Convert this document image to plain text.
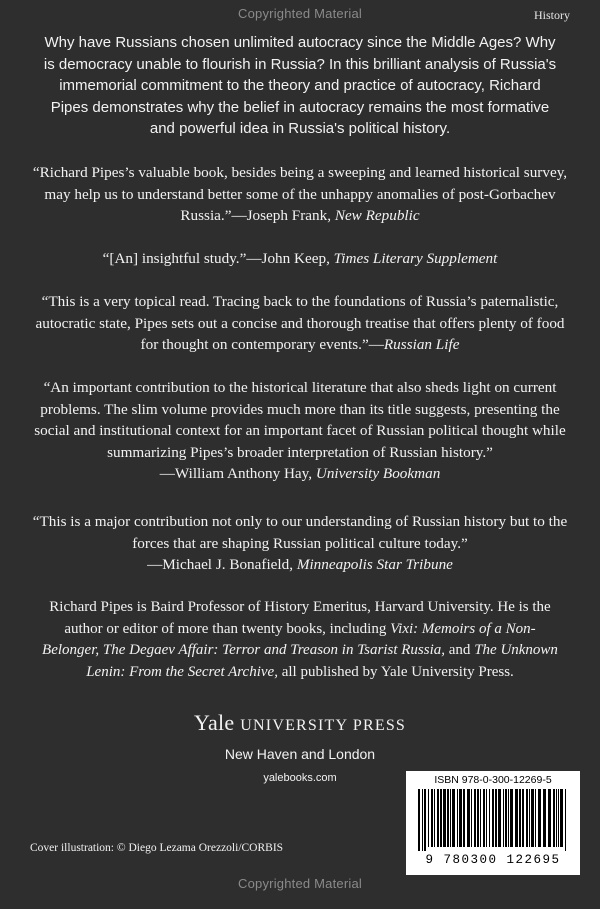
Copyrighted Material	History
Why have Russians chosen unlimited autocracy since the Middle Ages? Why is democracy unable to flourish in Russia? In this brilliant analysis of Russia's immemorial commitment to the theory and practice of autocracy, Richard Pipes demonstrates why the belief in autocracy remains the most formative and powerful idea in Russia's political history.
“Richard Pipes’s valuable book, besides being a sweeping and learned historical survey, may help us to understand better some of the unhappy anomalies of post-Gorbachev Russia.”—Joseph Frank, New Republic
“[An] insightful study.”—John Keep, Times Literary Supplement
“This is a very topical read. Tracing back to the foundations of Russia’s paternalistic, autocratic state, Pipes sets out a concise and thorough treatise that offers plenty of food for thought on contemporary events.”—Russian Life
“An important contribution to the historical literature that also sheds light on current problems. The slim volume provides much more than its title suggests, presenting the social and institutional context for an important facet of Russian political thought while summarizing Pipes’s broader interpretation of Russian history.”
—William Anthony Hay, University Bookman
“This is a major contribution not only to our understanding of Russian history but to the forces that are shaping Russian political culture today.”
—Michael J. Bonafield, Minneapolis Star Tribune
Richard Pipes is Baird Professor of History Emeritus, Harvard University. He is the author or editor of more than twenty books, including Vixi: Memoirs of a Non-Belonger, The Degaev Affair: Terror and Treason in Tsarist Russia, and The Unknown Lenin: From the Secret Archive, all published by Yale University Press.
Yale UNIVERSITY PRESS
New Haven and London
yalebooks.com	ISBN 978-0-300-12269-5
9 780300 122695
Cover illustration: © Diego Lezama Orezzoli/CORBIS
Copyrighted Material
